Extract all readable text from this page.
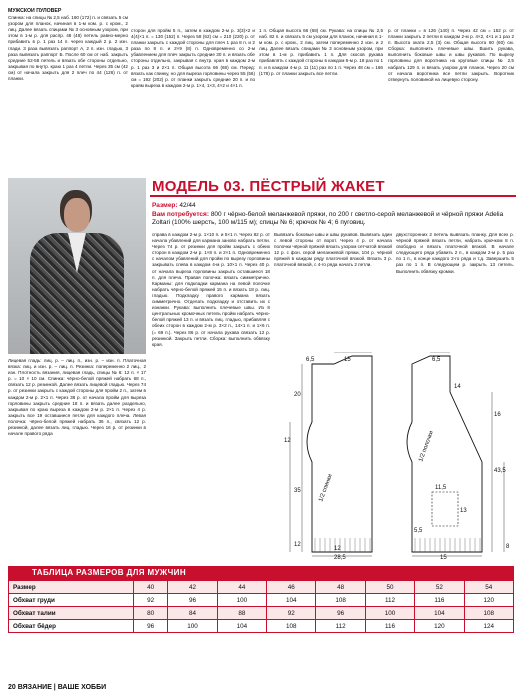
МУЖСКОЙ ПУЛОВЕР

Спинка: на спицы № 2,5 наб. 160 (172) п. и связать 5 см узором для планок, начиная в 1-м ком. р. с кром., 2 лиц. Далее вязать спицами № 3 основным узором, при этом в 1-м р. для распр. 48 (48) петель равно-мерно прибавить в р. 1 раз 14 п. через каждый 2 р. 2 изн. глади. 3 раза вывязать раппорт А, 2 п. изн. гладью, 3 раза вывязать раппорт Б. После 60 см от наб. закрыть средние 52-58 петель и вязать обе стороны отдельно, закрывая по внутр. краю 1 раз 4 петли. Через 35 см (42 см) от начала закрыть для 2 плеч по 44 (126) п. от планки.

сторон для пройм 5 п., затем в каждом 2-м р. 3(3)×2 и 4(4)×1 п. = 130 (152) п. Через 58 (62) см = 210 (220) р. от планки закрыть с каждой стороны для плеч 1 раз 8 п. и 2 раза по 8 п. и 2×9 (8) п. Одновременно со 2-м убавлением для плеч закрыть средние 30 п. и вязать обе стороны отдельно, закрывая с внутр. края в каждом 2-м р. 1 раз 3 и 2×1 п. Общая высота 66 (68) см. Перед: вязать как спинку, но для выреза горловины через 55 (56) см = 192 (202) р. от планки закрыть средние 20 п. и по краям выреза в каждом 2-м р. 1×4, 1×3, 4×2 и 4×1 п.

1 п. Общая высота 66 (68) см. Рукава: на спицы № 2,5 наб. 82 п. и связать 5 см узором для планок, начиная в 1-м ком. р. с кром., 2 лиц. затем попеременно 2 изн. и 2 лиц. Далее вязать спицами № 3 основным узором, при этом в 1-м р. прибавить 1 п. Для скосов рукава прибавлять с каждой стороны в каждом 6-м р. 18 раз по 1 п. и в каждом 4-м р. 11 (11) раз по 1 п. Через 48 см = 166 (178) р. от планки закрыть все петли.

р. от планки = в 126 (140) п. Через 42 см = 152 р. от планки закрыть 2 петли в каждом 2-м р. 4×2, 4×1 и 1 раз 2 п. Высота оката 2,5 (3) см. Общая высота 60 (60) см. Сборка: выполнить плечевые швы. Вшить рукава, выполнить боковые швы и швы рукавов. По вырезу горловины для воротника на круговые спицы № 2,5 набрать 129 п. и вязать узором для планок. Через 20 см от начала воротника все петли закрыть. Воротник отвернуть половиной на лицевую сторону.

МОДЕЛЬ 03. ПЁСТРЫЙ ЖАКЕТ
Размер: 42/44
Вам потребуется: 800 г чёрно-белой меланжевой пряжи, по 200 г светло-серой меланжевой и чёрной пряжи Adelia Zoltari (100% шерсть, 100 м/115 м); спицы № 6; крючок № 4; 6 пуговиц.

Лицевая гладь: лиц. р. – лиц. п., изн. р. – изн. п. Платочная вязка: лиц. и изн. р. – лиц. п. Резинка: попеременно 2 лиц., 2 изн. Плотность вязания, лицевая гладь, спицы № 6: 12 п. × 17 р. = 10 × 10 см. Спинка: чёрно-белой пряжей набрать 68 п., связать 12 р. резинкой. Далее вязать лицевой гладью. Через 74 р. от резинки закрыть с каждой стороны для пройм 2 п., затем в каждом 2-м р. 2×1 п. Через 38 р. от начала пройм для выреза горловины закрыть средние 18 п. и вязать далее раздельно, закрывая по краю выреза в каждом 2-м р. 2×1 п. Через 4 р. закрыть все 19 оставшиеся петли для каждого плеча. Левая полочка: чёрно-белой пряжей набрать 36 п., связать 12 р. резинкой, далее вязать лиц. гладью. Через 16 р. от резинки в начале правого ряда

справа в каждом 2-м р. 1×10 п. и 5×1 п. Через 82 р. от начала убавлений для кармана заново набрать петли. Через 74 р. от резинки для пройм закрыть с обеих сторон в каждом 2-м р. 1×8 п. и 2×1 п. Одновременно с началом убавлений для пройм по вырезу горловины закрывать слева в каждом 4-м р. 10×1 п. Через 40 р. от начала выреза горловины закрыть оставшиеся 18 п. для плеча. Правая полочка: вязать симметрично. Карманы: для подкладки кармана на левой полочке набрать чёрно-белой пряжей 15 п. и вязать 18 р. лиц. гладью. Подкладку правого кармана вязать симметрично. Отделать подкладку и отставить их с изнанки. Рукава: выполнить плечевые швы. Из 8 центральных кромочных петель пройм набрать чёрно-белой пряжей 13 п. и вязать лиц. гладью, прибавляя с обеих сторон в каждом 2-м р. 3×2 п., 14×1 п. и 1×6 п. (= 69 п.). Через 86 р. от начала рукава связать 12 р. резинкой. Закрыть петли. Сборка: выполнить обвязку края.

Вывязать боковые швы и швы рукавов. Вывязать один с левой стороны от ворот. Через 4 р. от начала полочки чёрной пряжей вязать узором сетчатой вязкой 12 р. с фон. серой меланжевой пряжи, 104 р. чёрной пряжей в каждом ряду платочной вязкой. Вязать 3 р. платочной вязкой, с 4-го ряда начать 2 петли.

двухсторонних 2 петель вывязать планку. Для всех р. чёрной пряжей вязать петли, набрать крючком 8 п. свободно и вязать платочной вязкой. В начале следующего ряда убавить 2 п., в каждом 2-м р. 5 раз по 1 п., в конце каждого 2-го ряда и т.д. Завершить 5 раз по 1 п. В следующем р. закрыть 13 петель. Выполнить обвязку кромки.

6,5	15	6,5
20
12
35
12
12
28,5
43,5
16
14
15
13
11,5
5,5
8
1/2 спинки
1/2 полочки
ТАБЛИЦА РАЗМЕРОВ ДЛЯ МУЖЧИН
Размер	40	42	44	46	48	50	52	54
Обхват груди	92	96	100	104	108	112	116	120
Обхват талии	80	84	88	92	96	100	104	108
Обхват бёдер	96	100	104	108	112	116	120	124
20 ВЯЗАНИЕ | ВАШЕ ХОББИ
